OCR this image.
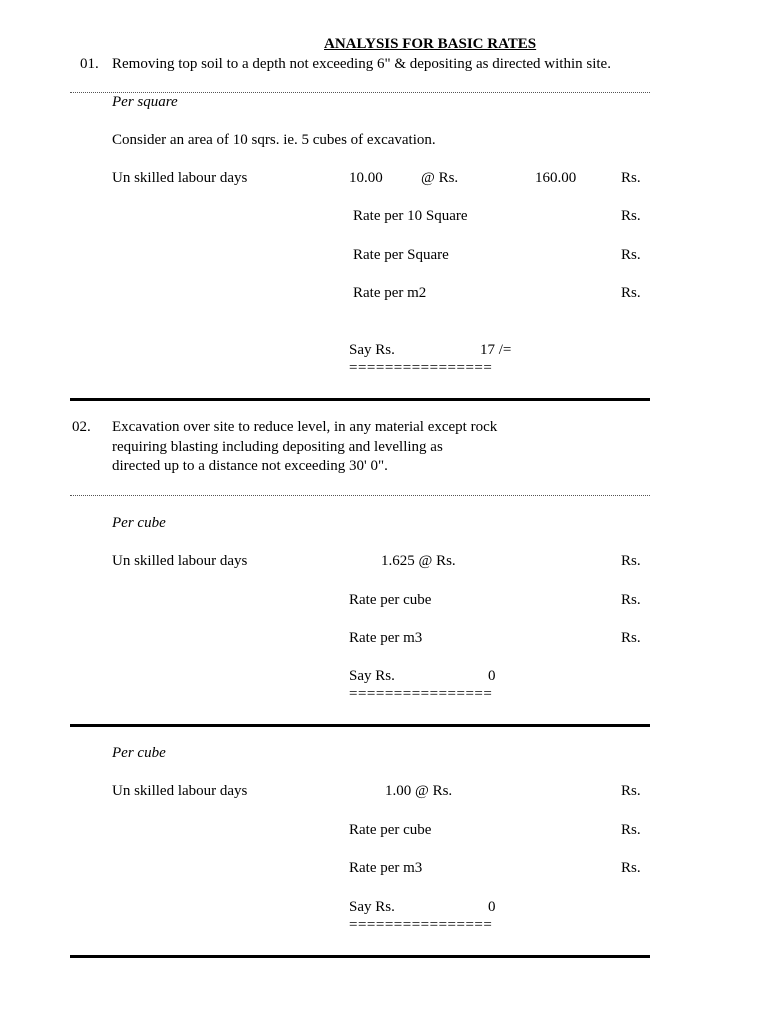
ANALYSIS FOR BASIC RATES
01. Removing top soil to a depth not exceeding 6" & depositing as directed within site.
Per square
Consider an area of 10 sqrs. ie. 5 cubes of excavation.
Un skilled labour days	10.00	@ Rs.	160.00	Rs.
Rate per 10 Square	Rs.
Rate per Square	Rs.
Rate per m2	Rs.
Say Rs.	17 /=
================
02. Excavation over site to reduce level, in any material except rock
requiring blasting including depositing and levelling as
directed up to a distance not exceeding 30' 0".
Per cube
Un skilled labour days	1.625 @ Rs.	Rs.
Rate per cube	Rs.
Rate per m3	Rs.
Say Rs.	0
================
Per cube
Un skilled labour days	1.00 @ Rs.	Rs.
Rate per cube	Rs.
Rate per m3	Rs.
Say Rs.	0
================
